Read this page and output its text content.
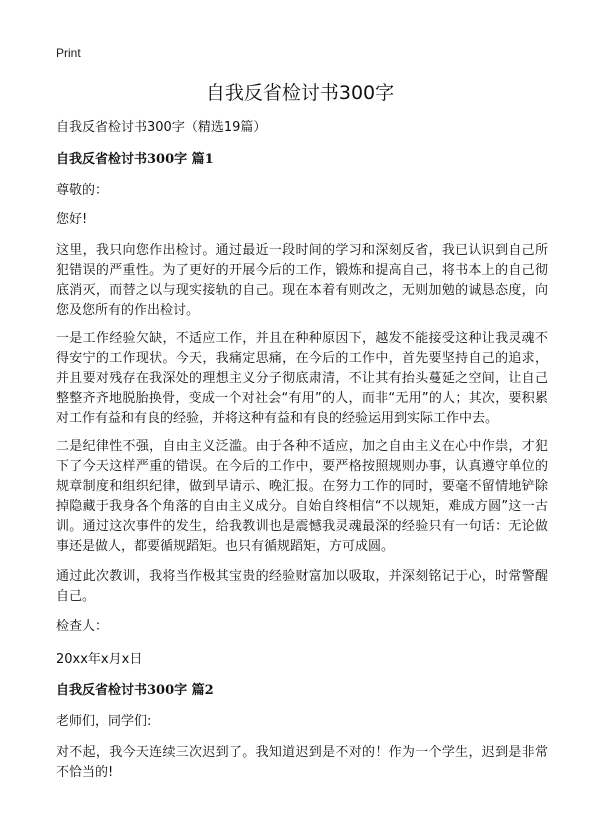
Print
自我反省检讨书300字
自我反省检讨书300字（精选19篇）
自我反省检讨书300字 篇1
尊敬的：
您好!
这里，我只向您作出检讨。通过最近一段时间的学习和深刻反省，我已认识到自己所犯错误的严重性。为了更好的开展今后的工作，锻炼和提高自己，将书本上的自己彻底消灭，而替之以与现实接轨的自己。现在本着有则改之，无则加勉的诚恳态度，向您及您所有的作出检讨。
一是工作经验欠缺，不适应工作，并且在种种原因下，越发不能接受这种让我灵魂不得安宁的工作现状。今天，我痛定思痛，在今后的工作中，首先要坚持自己的追求，并且要对残存在我深处的理想主义分子彻底肃清，不让其有抬头蔓延之空间，让自己整整齐齐地脱胎换骨，变成一个对社会“有用”的人，而非“无用”的人；其次，要积累对工作有益和有良的经验，并将这种有益和有良的经验运用到实际工作中去。
二是纪律性不强，自由主义泛滥。由于各种不适应，加之自由主义在心中作祟，才犯下了今天这样严重的错误。在今后的工作中，要严格按照规则办事，认真遵守单位的规章制度和组织纪律，做到早请示、晚汇报。在努力工作的同时，要毫不留情地铲除掉隐藏于我身各个角落的自由主义成分。自始自终相信“不以规矩，难成方圆”这一古训。通过这次事件的发生，给我教训也是震憾我灵魂最深的经验只有一句话：无论做事还是做人，都要循规蹈矩。也只有循规蹈矩，方可成圆。
通过此次教训，我将当作极其宝贵的经验财富加以吸取，并深刻铭记于心，时常警醒自己。
检查人：
20xx年x月x日
自我反省检讨书300字 篇2
老师们，同学们:
对不起，我今天连续三次迟到了。我知道迟到是不对的！作为一个学生，迟到是非常不恰当的!
